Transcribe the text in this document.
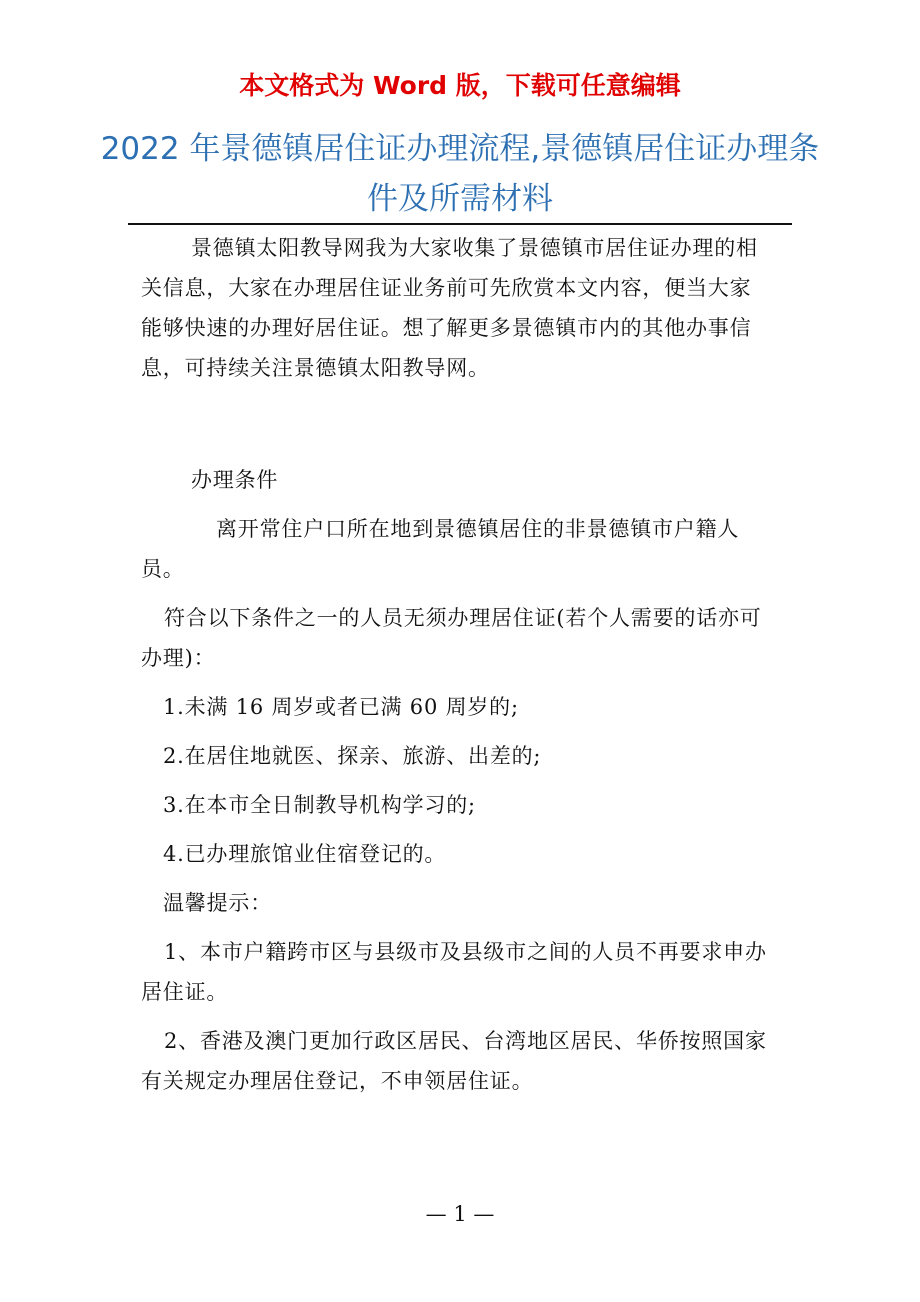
本文格式为 Word 版，下载可任意编辑
2022 年景德镇居住证办理流程,景德镇居住证办理条件及所需材料

景德镇太阳教导网我为大家收集了景德镇市居住证办理的相关信息，大家在办理居住证业务前可先欣赏本文内容，便当大家能够快速的办理好居住证。想了解更多景德镇市内的其他办事信息，可持续关注景德镇太阳教导网。

办理条件

离开常住户口所在地到景德镇居住的非景德镇市户籍人员。

符合以下条件之一的人员无须办理居住证(若个人需要的话亦可办理)：

1.未满 16 周岁或者已满 60 周岁的;

2.在居住地就医、探亲、旅游、出差的;

3.在本市全日制教导机构学习的;

4.已办理旅馆业住宿登记的。

温馨提示：

1、本市户籍跨市区与县级市及县级市之间的人员不再要求申办居住证。

2、香港及澳门更加行政区居民、台湾地区居民、华侨按照国家有关规定办理居住登记，不申领居住证。

— 1 —
